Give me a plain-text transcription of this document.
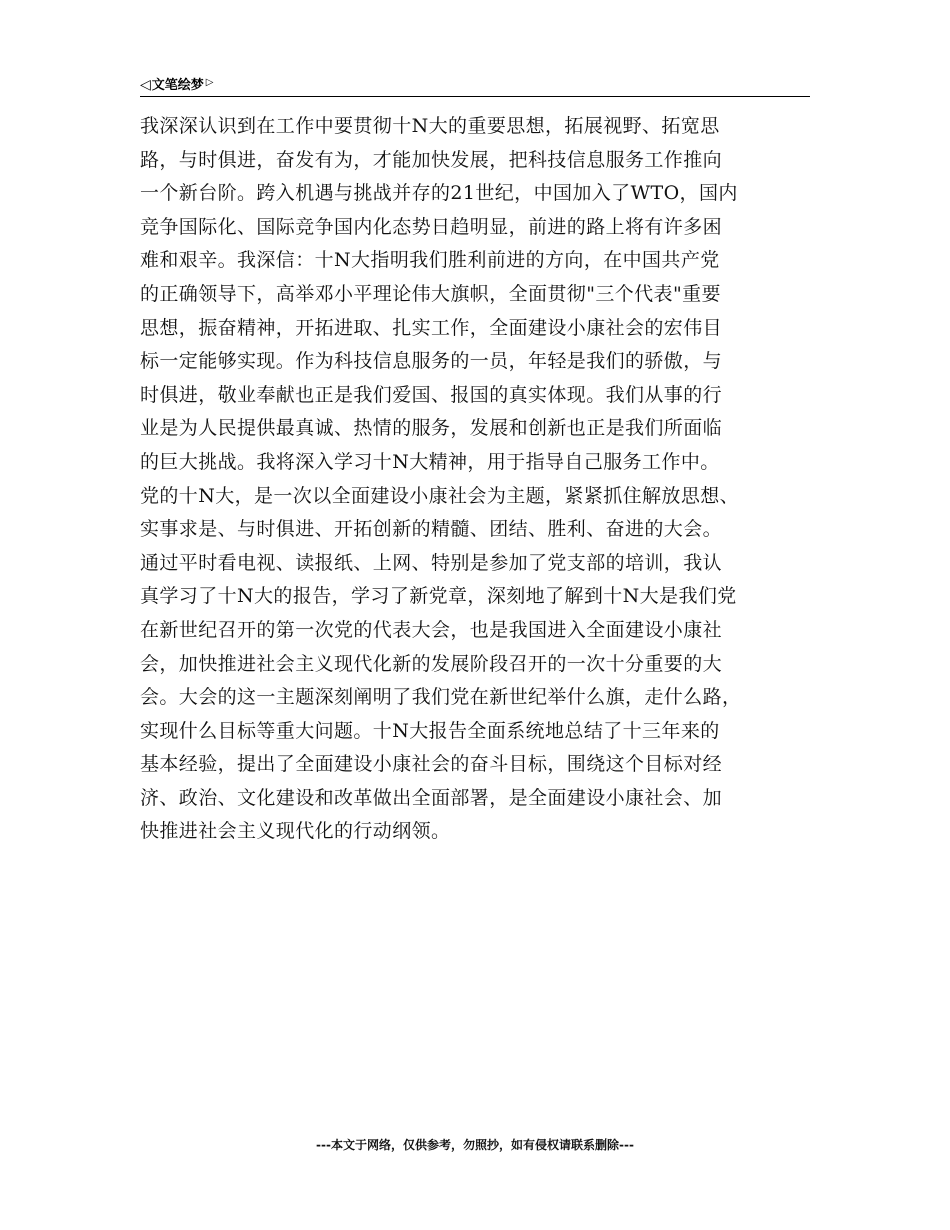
◁文笔绘梦 ▷
我深深认识到在工作中要贯彻十N大的重要思想，拓展视野、拓宽思
路，与时俱进，奋发有为，才能加快发展，把科技信息服务工作推向
一个新台阶。跨入机遇与挑战并存的21世纪，中国加入了WTO，国内
竞争国际化、国际竞争国内化态势日趋明显，前进的路上将有许多困
难和艰辛。我深信：十N大指明我们胜利前进的方向，在中国共产党
的正确领导下，高举邓小平理论伟大旗帜，全面贯彻"三个代表"重要
思想，振奋精神，开拓进取、扎实工作，全面建设小康社会的宏伟目
标一定能够实现。作为科技信息服务的一员，年轻是我们的骄傲，与
时俱进，敬业奉献也正是我们爱国、报国的真实体现。我们从事的行
业是为人民提供最真诚、热情的服务，发展和创新也正是我们所面临
的巨大挑战。我将深入学习十N大精神，用于指导自己服务工作中。
党的十N大，是一次以全面建设小康社会为主题，紧紧抓住解放思想、
实事求是、与时俱进、开拓创新的精髓、团结、胜利、奋进的大会。
通过平时看电视、读报纸、上网、特别是参加了党支部的培训，我认
真学习了十N大的报告，学习了新党章，深刻地了解到十N大是我们党
在新世纪召开的第一次党的代表大会，也是我国进入全面建设小康社
会，加快推进社会主义现代化新的发展阶段召开的一次十分重要的大
会。大会的这一主题深刻阐明了我们党在新世纪举什么旗，走什么路，
实现什么目标等重大问题。十N大报告全面系统地总结了十三年来的
基本经验，提出了全面建设小康社会的奋斗目标，围绕这个目标对经
济、政治、文化建设和改革做出全面部署，是全面建设小康社会、加
快推进社会主义现代化的行动纲领。
---本文于网络，仅供参考，勿照抄，如有侵权请联系删除---
